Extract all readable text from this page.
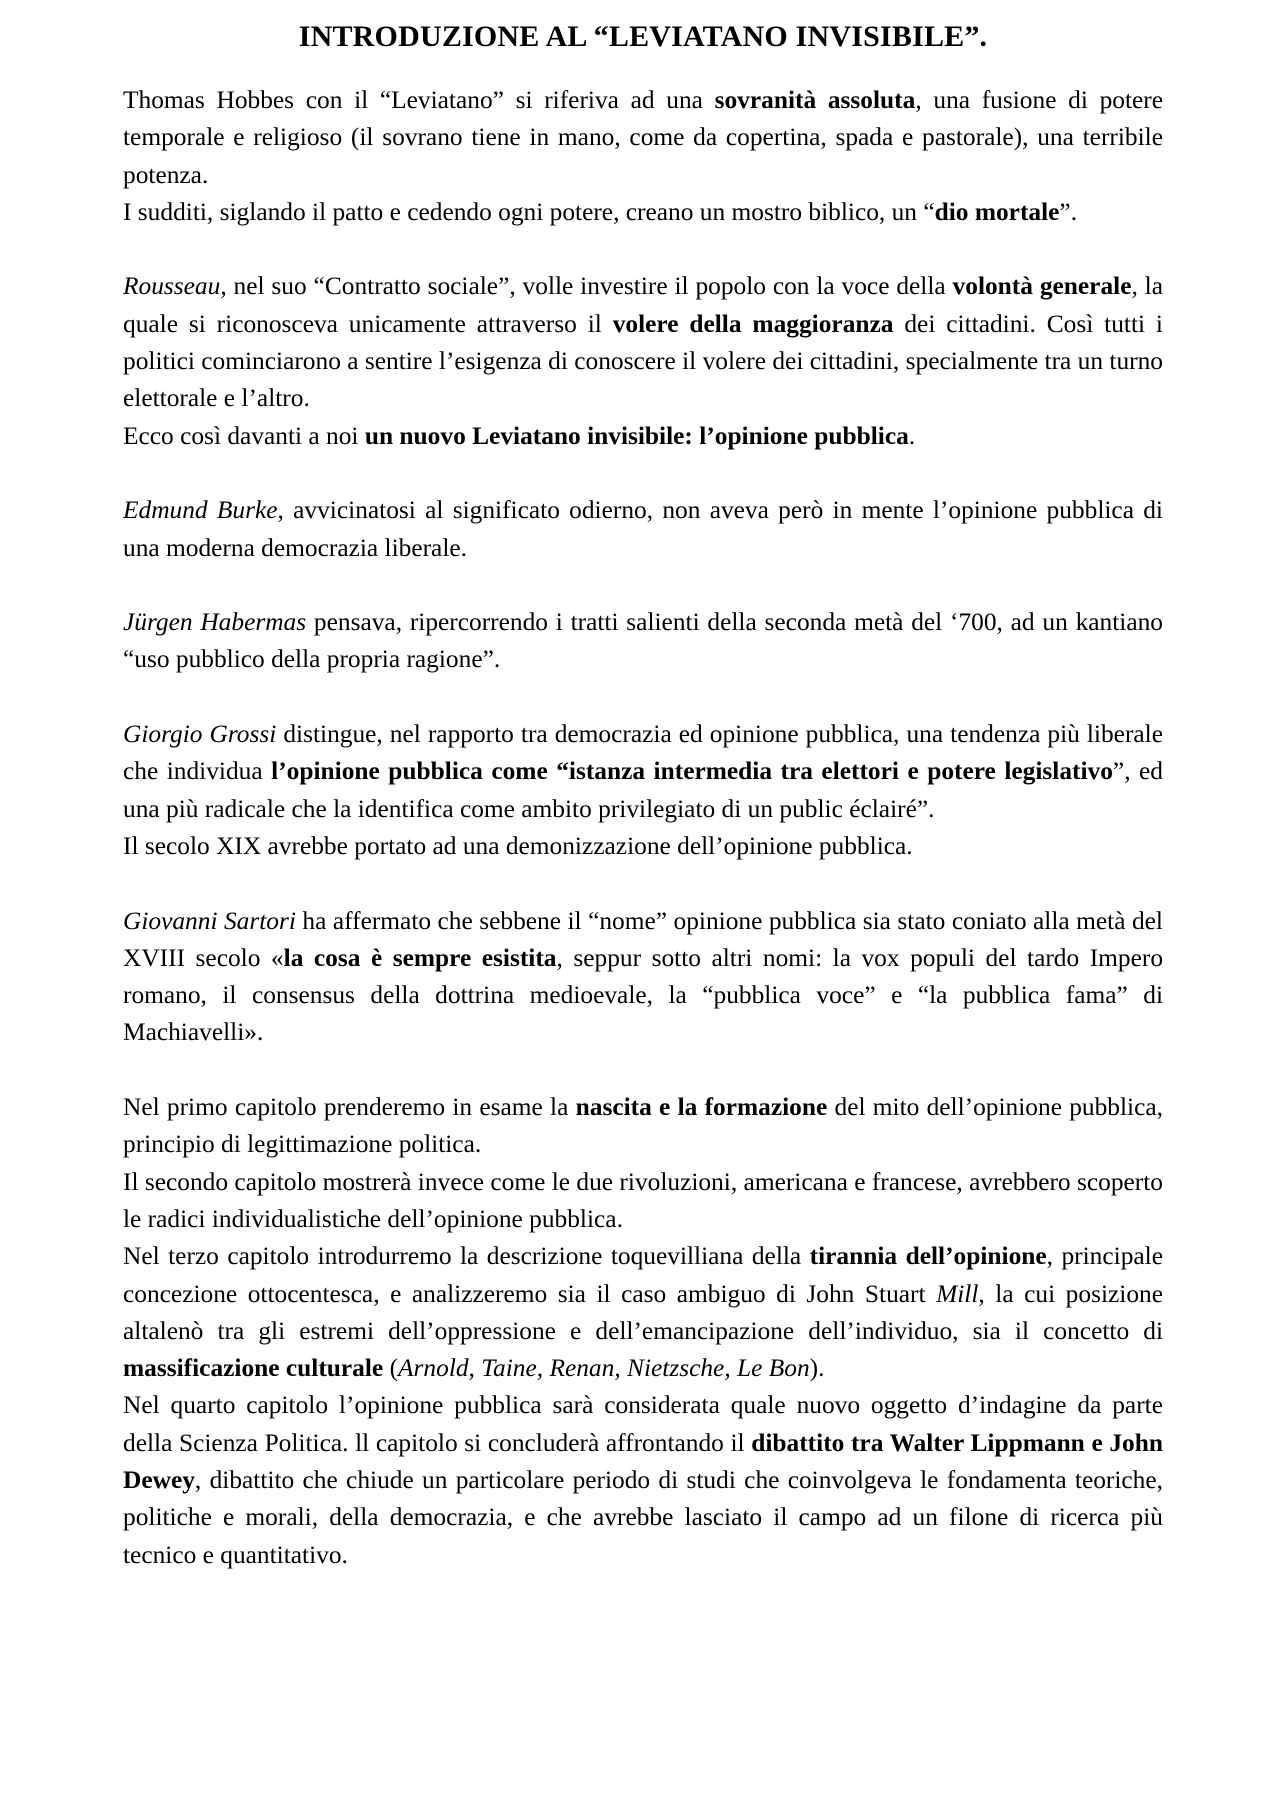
INTRODUZIONE AL “LEVIATANO INVISIBILE”.

Thomas Hobbes con il “Leviatano” si riferiva ad una sovranità assoluta, una fusione di potere temporale e religioso (il sovrano tiene in mano, come da copertina, spada e pastorale), una terribile potenza.

I sudditi, siglando il patto e cedendo ogni potere, creano un mostro biblico, un “dio mortale”.

Rousseau, nel suo “Contratto sociale”, volle investire il popolo con la voce della volontà generale, la quale si riconosceva unicamente attraverso il volere della maggioranza dei cittadini. Così tutti i politici cominciarono a sentire l’esigenza di conoscere il volere dei cittadini, specialmente tra un turno elettorale e l’altro.

Ecco così davanti a noi un nuovo Leviatano invisibile: l’opinione pubblica.

Edmund Burke, avvicinatosi al significato odierno, non aveva però in mente l’opinione pubblica di una moderna democrazia liberale.

Jürgen Habermas pensava, ripercorrendo i tratti salienti della seconda metà del ‘700, ad un kantiano “uso pubblico della propria ragione”.

Giorgio Grossi distingue, nel rapporto tra democrazia ed opinione pubblica, una tendenza più liberale che individua l’opinione pubblica come “istanza intermedia tra elettori e potere legislativo”, ed una più radicale che la identifica come ambito privilegiato di un public éclairé”.

Il secolo XIX avrebbe portato ad una demonizzazione dell’opinione pubblica.

Giovanni Sartori ha affermato che sebbene il “nome” opinione pubblica sia stato coniato alla metà del XVIII secolo «la cosa è sempre esistita, seppur sotto altri nomi: la vox populi del tardo Impero romano, il consensus della dottrina medioevale, la “pubblica voce” e “la pubblica fama” di Machiavelli».

Nel primo capitolo prenderemo in esame la nascita e la formazione del mito dell’opinione pubblica, principio di legittimazione politica.

Il secondo capitolo mostrerà invece come le due rivoluzioni, americana e francese, avrebbero scoperto le radici individualistiche dell’opinione pubblica.

Nel terzo capitolo introdurremo la descrizione toquevilliana della tirannia dell’opinione, principale concezione ottocentesca, e analizzeremo sia il caso ambiguo di John Stuart Mill, la cui posizione altalenò tra gli estremi dell’oppressione e dell’emancipazione dell’individuo, sia il concetto di massificazione culturale (Arnold, Taine, Renan, Nietzsche, Le Bon).

Nel quarto capitolo l’opinione pubblica sarà considerata quale nuovo oggetto d’indagine da parte della Scienza Politica. ll capitolo si concluderà affrontando il dibattito tra Walter Lippmann e John Dewey, dibattito che chiude un particolare periodo di studi che coinvolgeva le fondamenta teoriche, politiche e morali, della democrazia, e che avrebbe lasciato il campo ad un filone di ricerca più tecnico e quantitativo.
